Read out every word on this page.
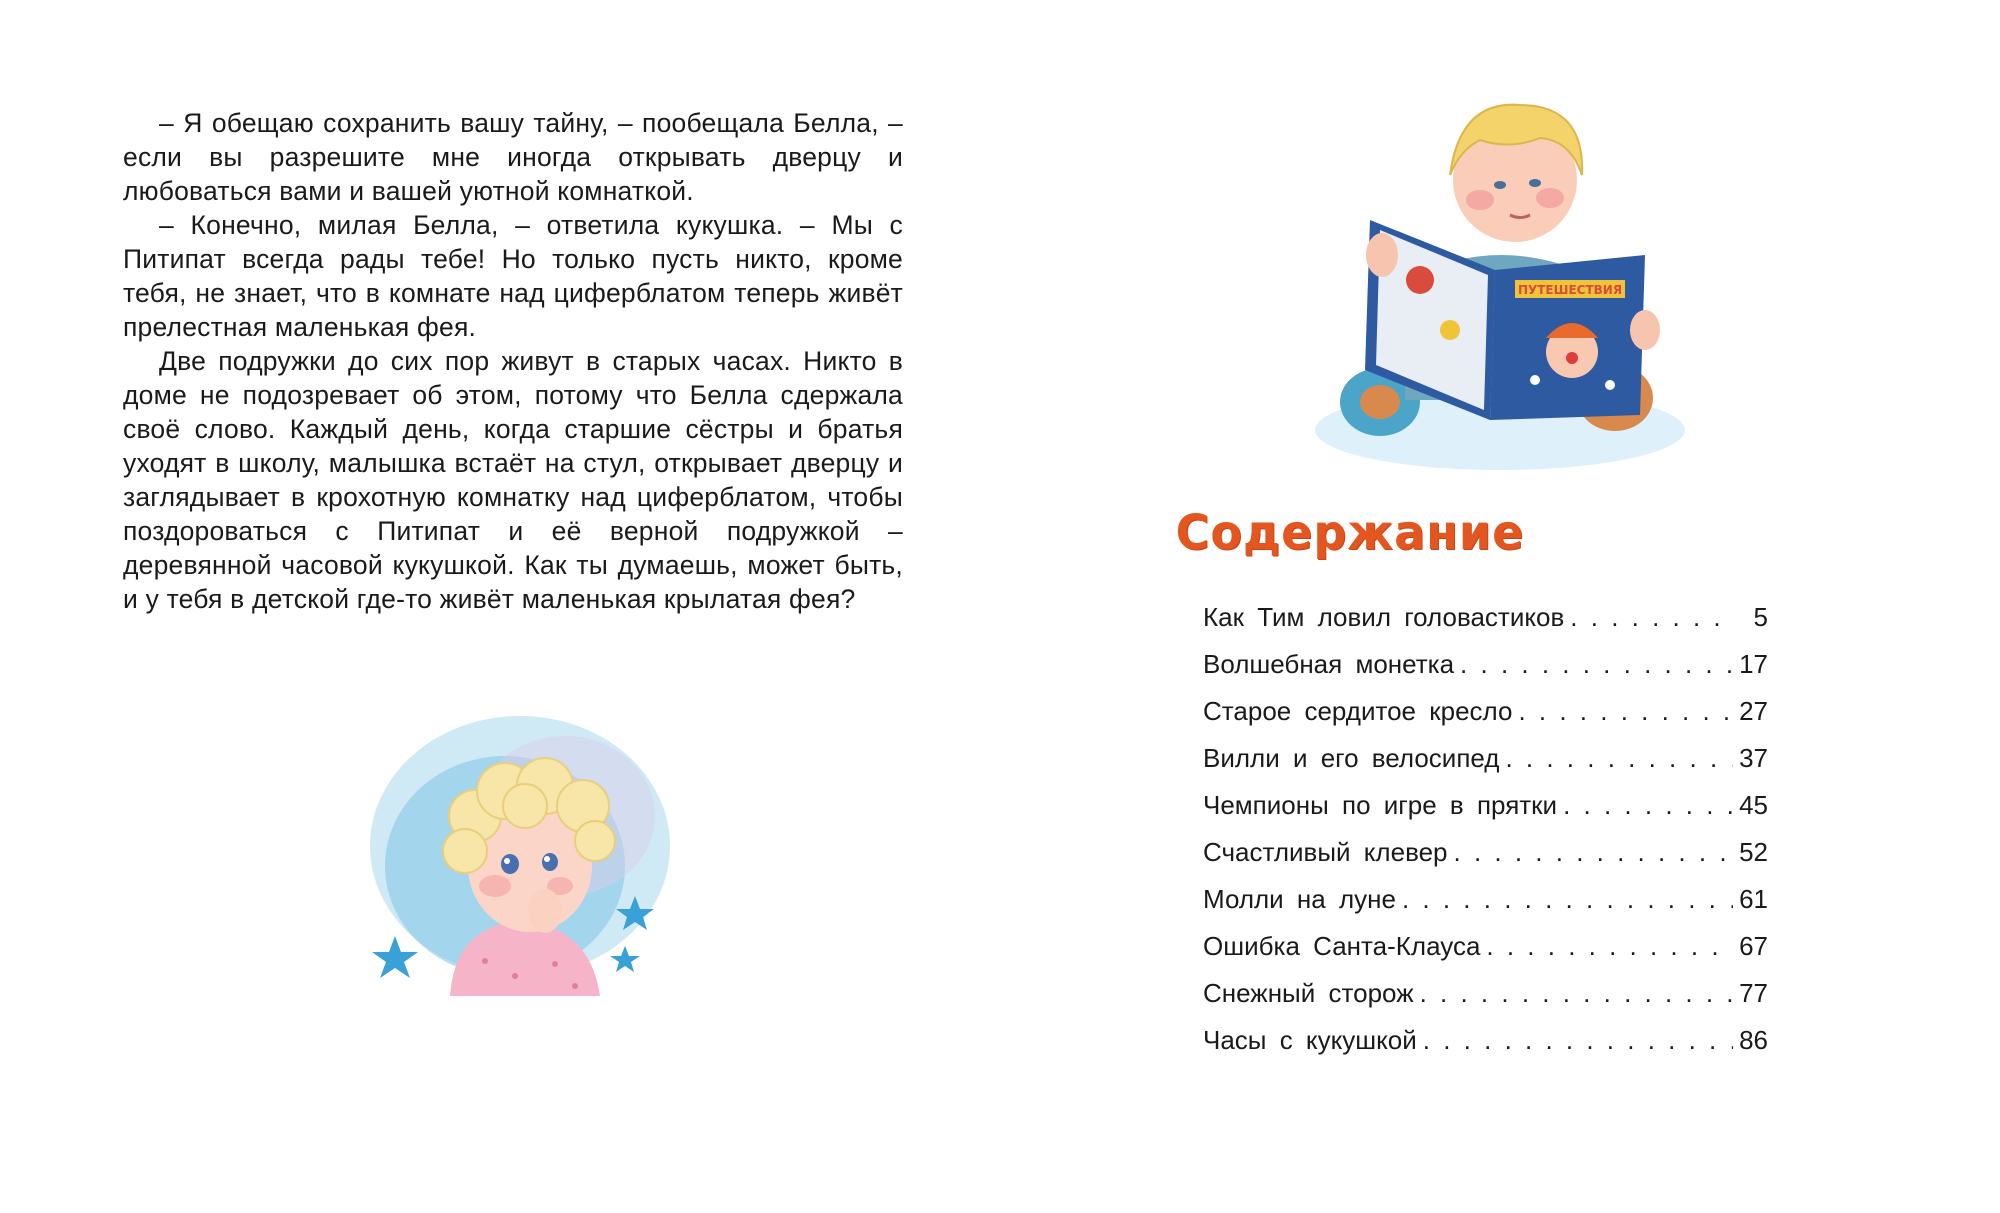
– Я обещаю сохранить вашу тайну, – пообещала Белла, – если вы разрешите мне иногда открывать дверцу и любоваться вами и вашей уютной комнаткой.

– Конечно, милая Белла, – ответила кукушка. – Мы с Питипат всегда рады тебе! Но только пусть никто, кроме тебя, не знает, что в комнате над циферблатом теперь живёт прелестная маленькая фея.

Две подружки до сих пор живут в старых часах. Никто в доме не подозревает об этом, потому что Белла сдержала своё слово. Каждый день, когда старшие сёстры и братья уходят в школу, малышка встаёт на стул, открывает дверцу и заглядывает в крохотную комнатку над циферблатом, чтобы поздороваться с Питипат и её верной подружкой – деревянной часовой кукушкой. Как ты думаешь, может быть, и у тебя в детской где-то живёт маленькая крылатая фея?

ПУТЕШЕСТВИЯ
Содержание
Как Тим ловил головастиков . . .	5
Волшебная монетка . . .	17
Старое сердитое кресло . . .	27
Вилли и его велосипед . . .	37
Чемпионы по игре в прятки . . .	45
Счастливый клевер . . .	52
Молли на луне . . .	61
Ошибка Санта-Клауса . . .	67
Снежный сторож . . .	77
Часы с кукушкой . . .	86
